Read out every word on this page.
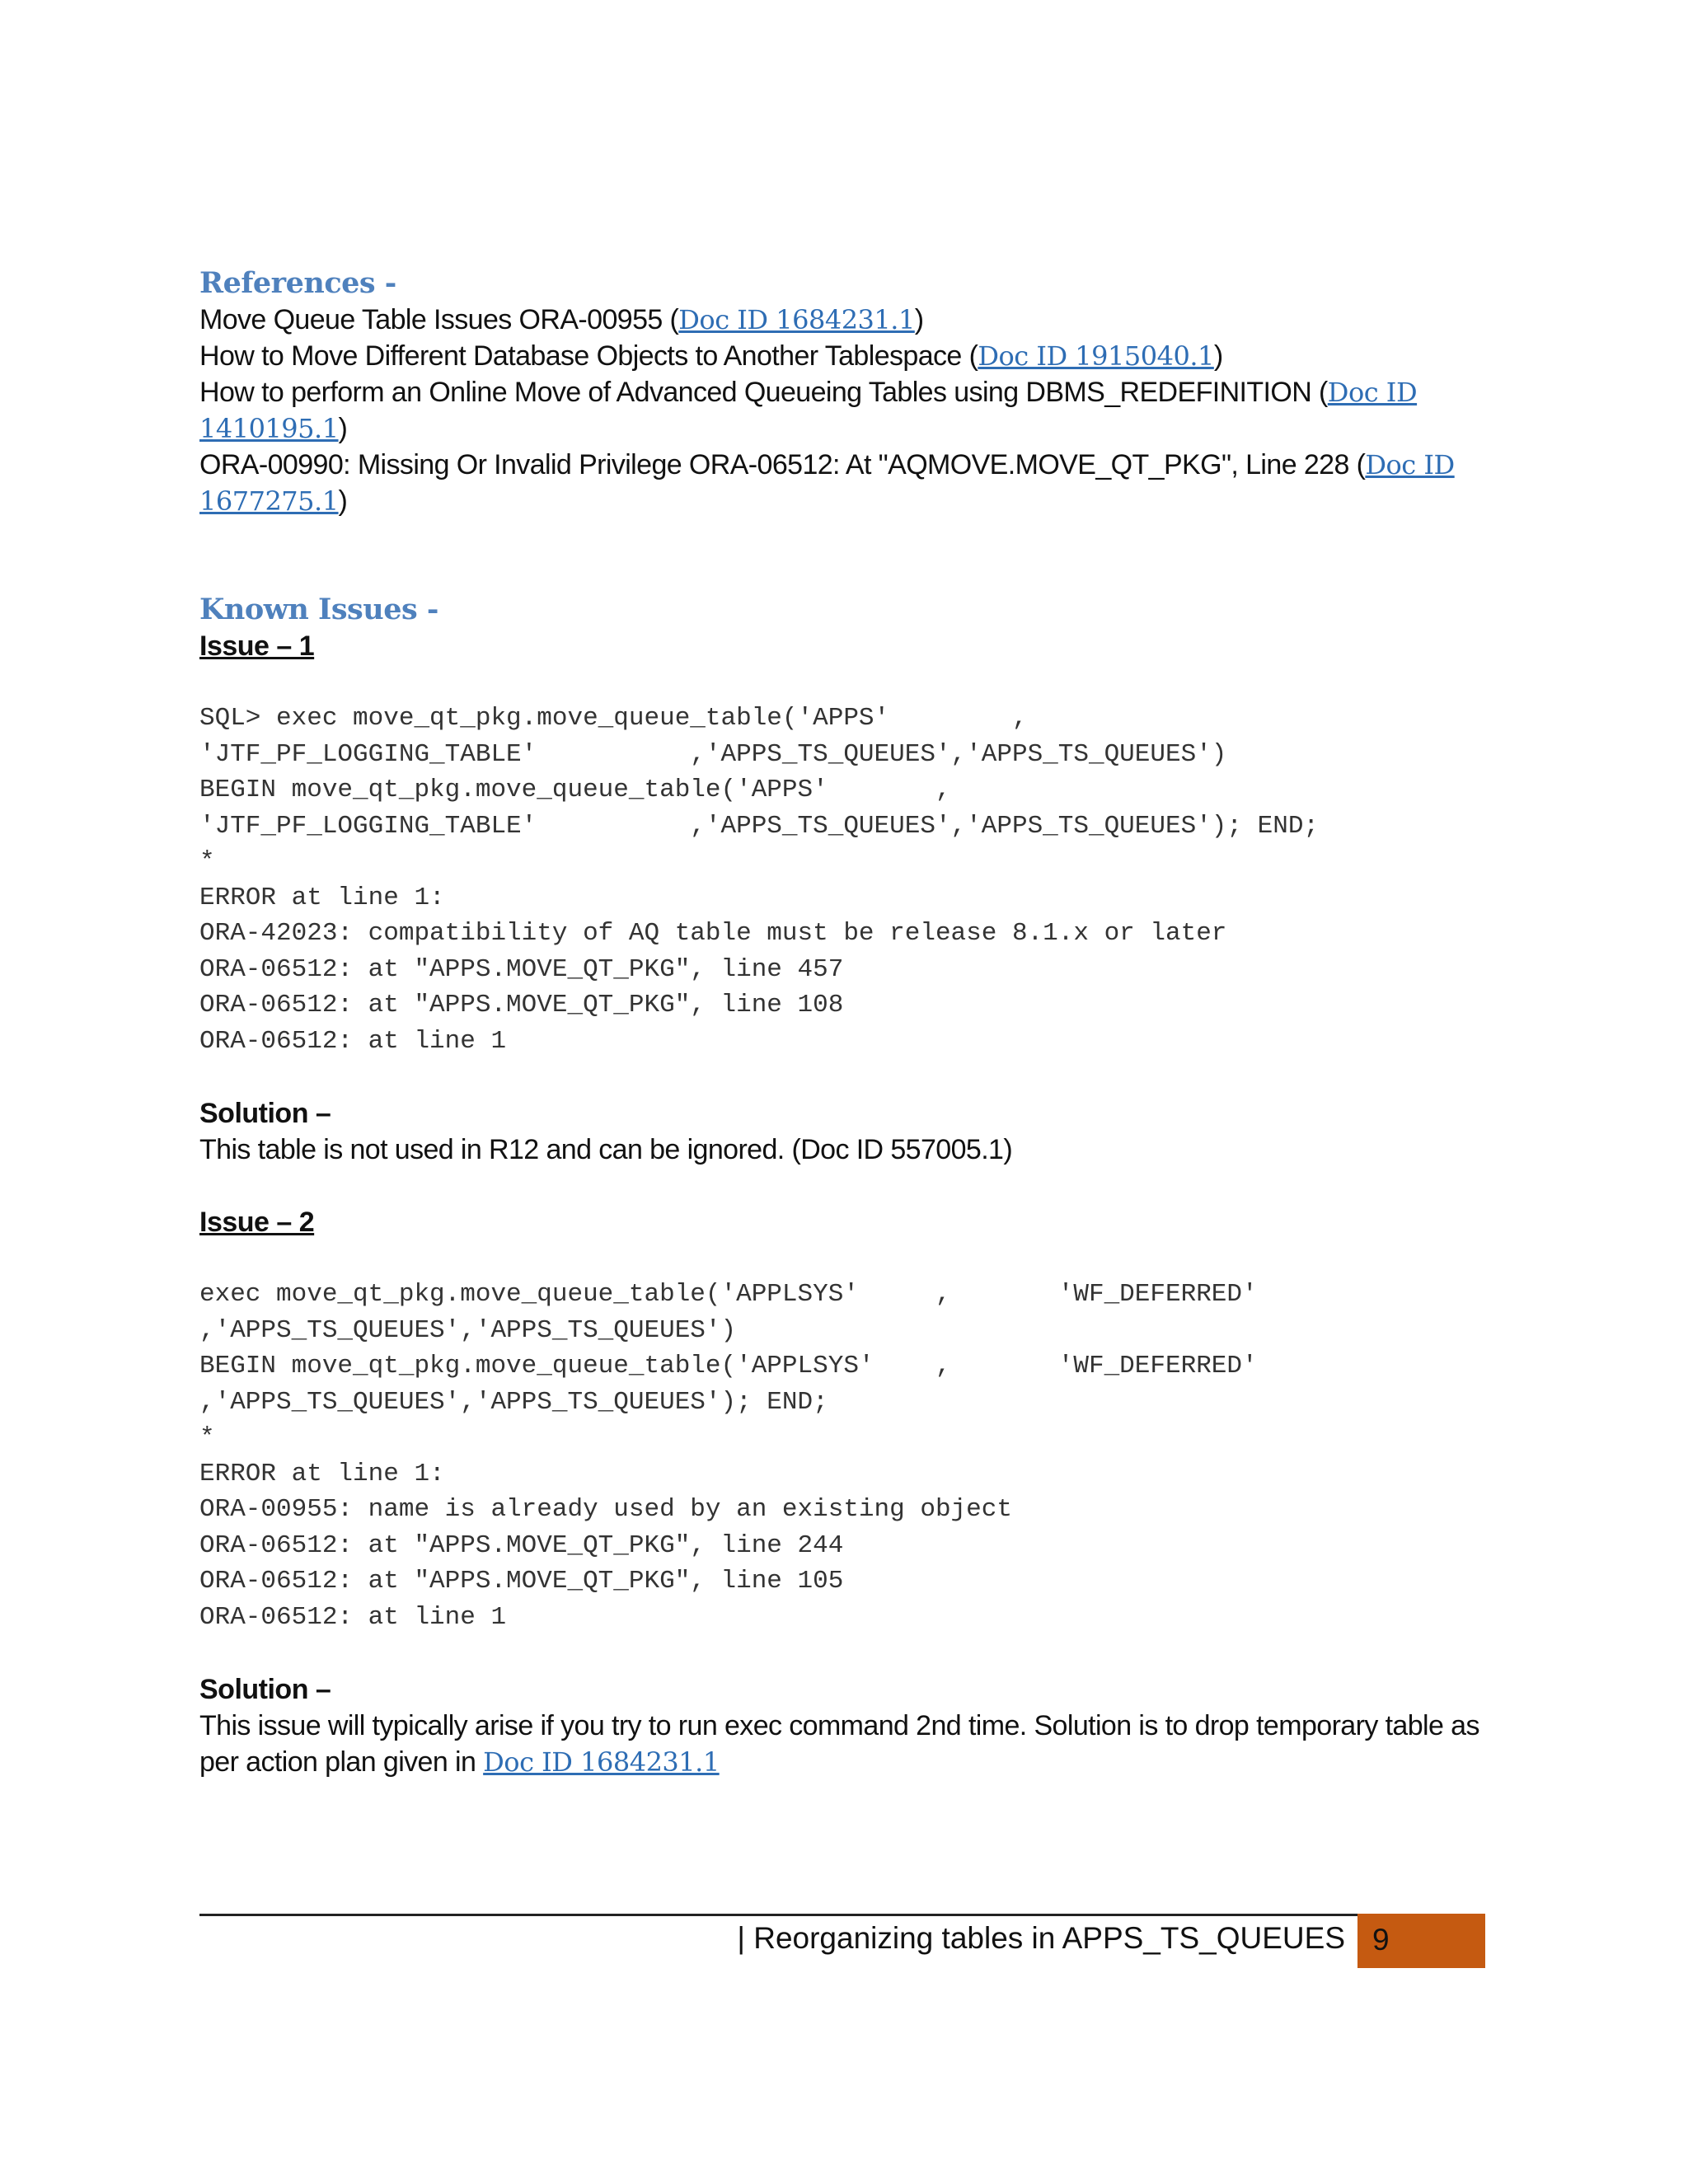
References -
Move Queue Table Issues ORA-00955 (Doc ID 1684231.1)
How to Move Different Database Objects to Another Tablespace (Doc ID 1915040.1)
How to perform an Online Move of Advanced Queueing Tables using DBMS_REDEFINITION (Doc ID 1410195.1)
ORA-00990: Missing Or Invalid Privilege ORA-06512: At "AQMOVE.MOVE_QT_PKG", Line 228 (Doc ID 1677275.1)
Known Issues -
Issue – 1
SQL> exec move_qt_pkg.move_queue_table('APPS'        ,
'JTF_PF_LOGGING_TABLE'          ,'APPS_TS_QUEUES','APPS_TS_QUEUES')
BEGIN move_qt_pkg.move_queue_table('APPS'       ,
'JTF_PF_LOGGING_TABLE'          ,'APPS_TS_QUEUES','APPS_TS_QUEUES'); END;
*
ERROR at line 1:
ORA-42023: compatibility of AQ table must be release 8.1.x or later
ORA-06512: at "APPS.MOVE_QT_PKG", line 457
ORA-06512: at "APPS.MOVE_QT_PKG", line 108
ORA-06512: at line 1
Solution –
This table is not used in R12 and can be ignored. (Doc ID 557005.1)
Issue – 2
exec move_qt_pkg.move_queue_table('APPLSYS'     ,       'WF_DEFERRED'
,'APPS_TS_QUEUES','APPS_TS_QUEUES')
BEGIN move_qt_pkg.move_queue_table('APPLSYS'    ,       'WF_DEFERRED'
,'APPS_TS_QUEUES','APPS_TS_QUEUES'); END;
*
ERROR at line 1:
ORA-00955: name is already used by an existing object
ORA-06512: at "APPS.MOVE_QT_PKG", line 244
ORA-06512: at "APPS.MOVE_QT_PKG", line 105
ORA-06512: at line 1
Solution –
This issue will typically arise if you try to run exec command 2nd time. Solution is to drop temporary table as per action plan given in Doc ID 1684231.1
| Reorganizing tables in APPS_TS_QUEUES 9
